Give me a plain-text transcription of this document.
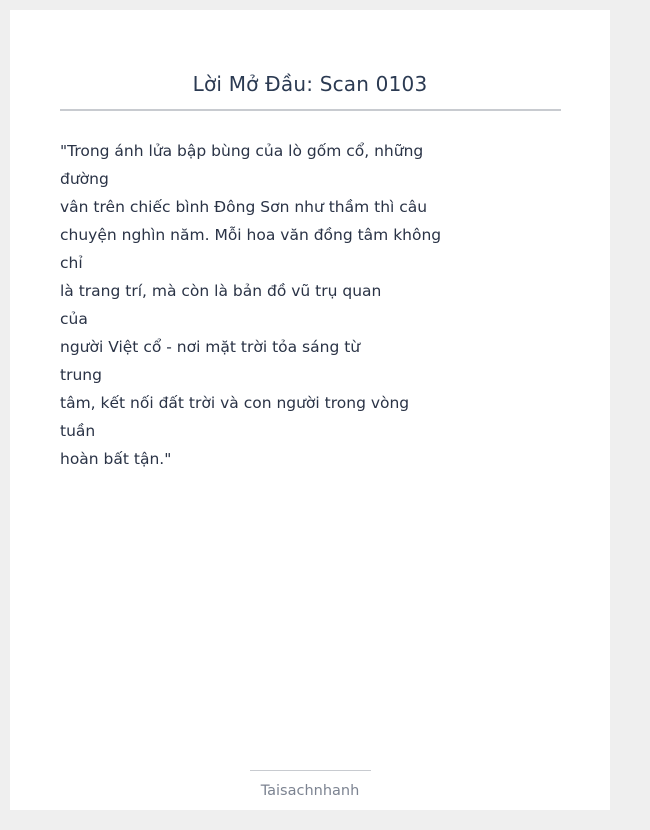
Lời Mở Đầu: Scan 0103
"Trong ánh lửa bập bùng của lò gốm cổ, những
đường
vân trên chiếc bình Đông Sơn như thầm thì câu
chuyện nghìn năm. Mỗi hoa văn đồng tâm không
chỉ
là trang trí, mà còn là bản đồ vũ trụ quan
của
người Việt cổ - nơi mặt trời tỏa sáng từ
trung
tâm, kết nối đất trời và con người trong vòng
tuần
hoàn bất tận."
Taisachnhanh
